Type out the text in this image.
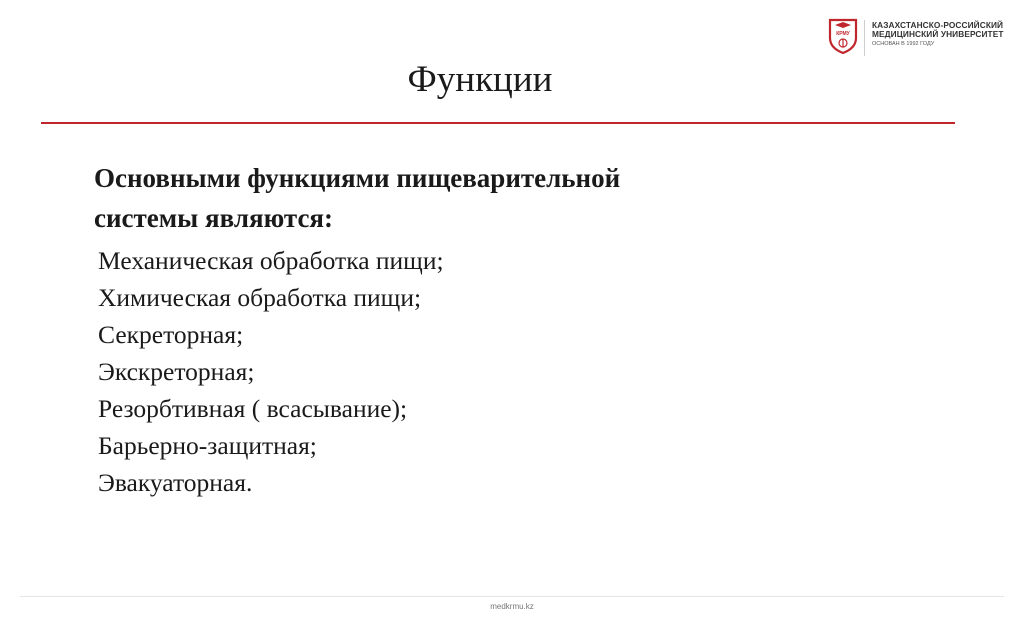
КРМУ
КАЗАХСТАНСКО-РОССИЙСКИЙ
МЕДИЦИНСКИЙ УНИВЕРСИТЕТ
ОСНОВАН В 1992 ГОДУ
Функции
Основными функциями пищеварительной
системы являются:
Механическая обработка пищи;
Химическая обработка пищи;
Секреторная;
Экскреторная;
Резорбтивная ( всасывание);
Барьерно-защитная;
Эвакуаторная.
medkrmu.kz
